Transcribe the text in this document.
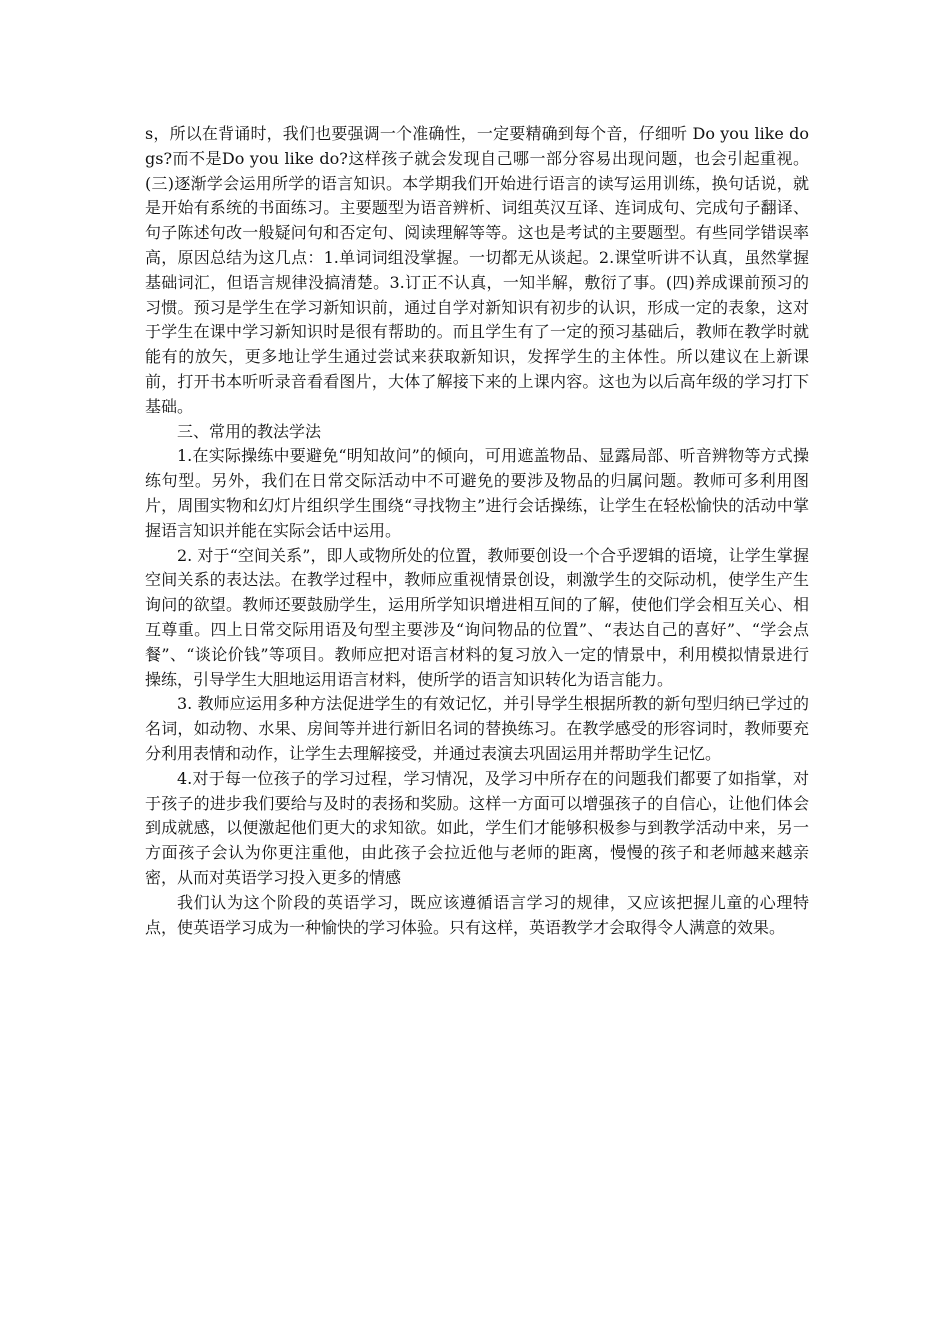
s，所以在背诵时，我们也要强调一个准确性，一定要精确到每个音，仔细听 Do you like dogs?而不是Do you like do?这样孩子就会发现自己哪一部分容易出现问题，也会引起重视。(三)逐渐学会运用所学的语言知识。本学期我们开始进行语言的读写运用训练，换句话说，就是开始有系统的书面练习。主要题型为语音辨析、词组英汉互译、连词成句、完成句子翻译、句子陈述句改一般疑问句和否定句、阅读理解等等。这也是考试的主要题型。有些同学错误率高，原因总结为这几点：1.单词词组没掌握。一切都无从谈起。2.课堂听讲不认真，虽然掌握基础词汇，但语言规律没搞清楚。3.订正不认真，一知半解，敷衍了事。(四)养成课前预习的习惯。预习是学生在学习新知识前，通过自学对新知识有初步的认识，形成一定的表象，这对于学生在课中学习新知识时是很有帮助的。而且学生有了一定的预习基础后，教师在教学时就能有的放矢，更多地让学生通过尝试来获取新知识，发挥学生的主体性。所以建议在上新课前，打开书本听听录音看看图片，大体了解接下来的上课内容。这也为以后高年级的学习打下基础。

三、常用的教法学法

1.在实际操练中要避免“明知故问”的倾向，可用遮盖物品、显露局部、听音辨物等方式操练句型。另外，我们在日常交际活动中不可避免的要涉及物品的归属问题。教师可多利用图片，周围实物和幻灯片组织学生围绕“寻找物主”进行会话操练，让学生在轻松愉快的活动中掌握语言知识并能在实际会话中运用。

2. 对于“空间关系”，即人或物所处的位置，教师要创设一个合乎逻辑的语境，让学生掌握空间关系的表达法。在教学过程中，教师应重视情景创设，刺激学生的交际动机，使学生产生询问的欲望。教师还要鼓励学生，运用所学知识增进相互间的了解，使他们学会相互关心、相互尊重。四上日常交际用语及句型主要涉及“询问物品的位置”、“表达自己的喜好”、“学会点餐”、“谈论价钱”等项目。教师应把对语言材料的复习放入一定的情景中，利用模拟情景进行操练，引导学生大胆地运用语言材料，使所学的语言知识转化为语言能力。

3. 教师应运用多种方法促进学生的有效记忆，并引导学生根据所教的新句型归纳已学过的名词，如动物、水果、房间等并进行新旧名词的替换练习。在教学感受的形容词时，教师要充分利用表情和动作，让学生去理解接受，并通过表演去巩固运用并帮助学生记忆。

4.对于每一位孩子的学习过程，学习情况，及学习中所存在的问题我们都要了如指掌，对于孩子的进步我们要给与及时的表扬和奖励。这样一方面可以增强孩子的自信心，让他们体会到成就感，以便激起他们更大的求知欲。如此，学生们才能够积极参与到教学活动中来，另一方面孩子会认为你更注重他，由此孩子会拉近他与老师的距离，慢慢的孩子和老师越来越亲密，从而对英语学习投入更多的情感

我们认为这个阶段的英语学习，既应该遵循语言学习的规律，又应该把握儿童的心理特点，使英语学习成为一种愉快的学习体验。只有这样，英语教学才会取得令人满意的效果。
